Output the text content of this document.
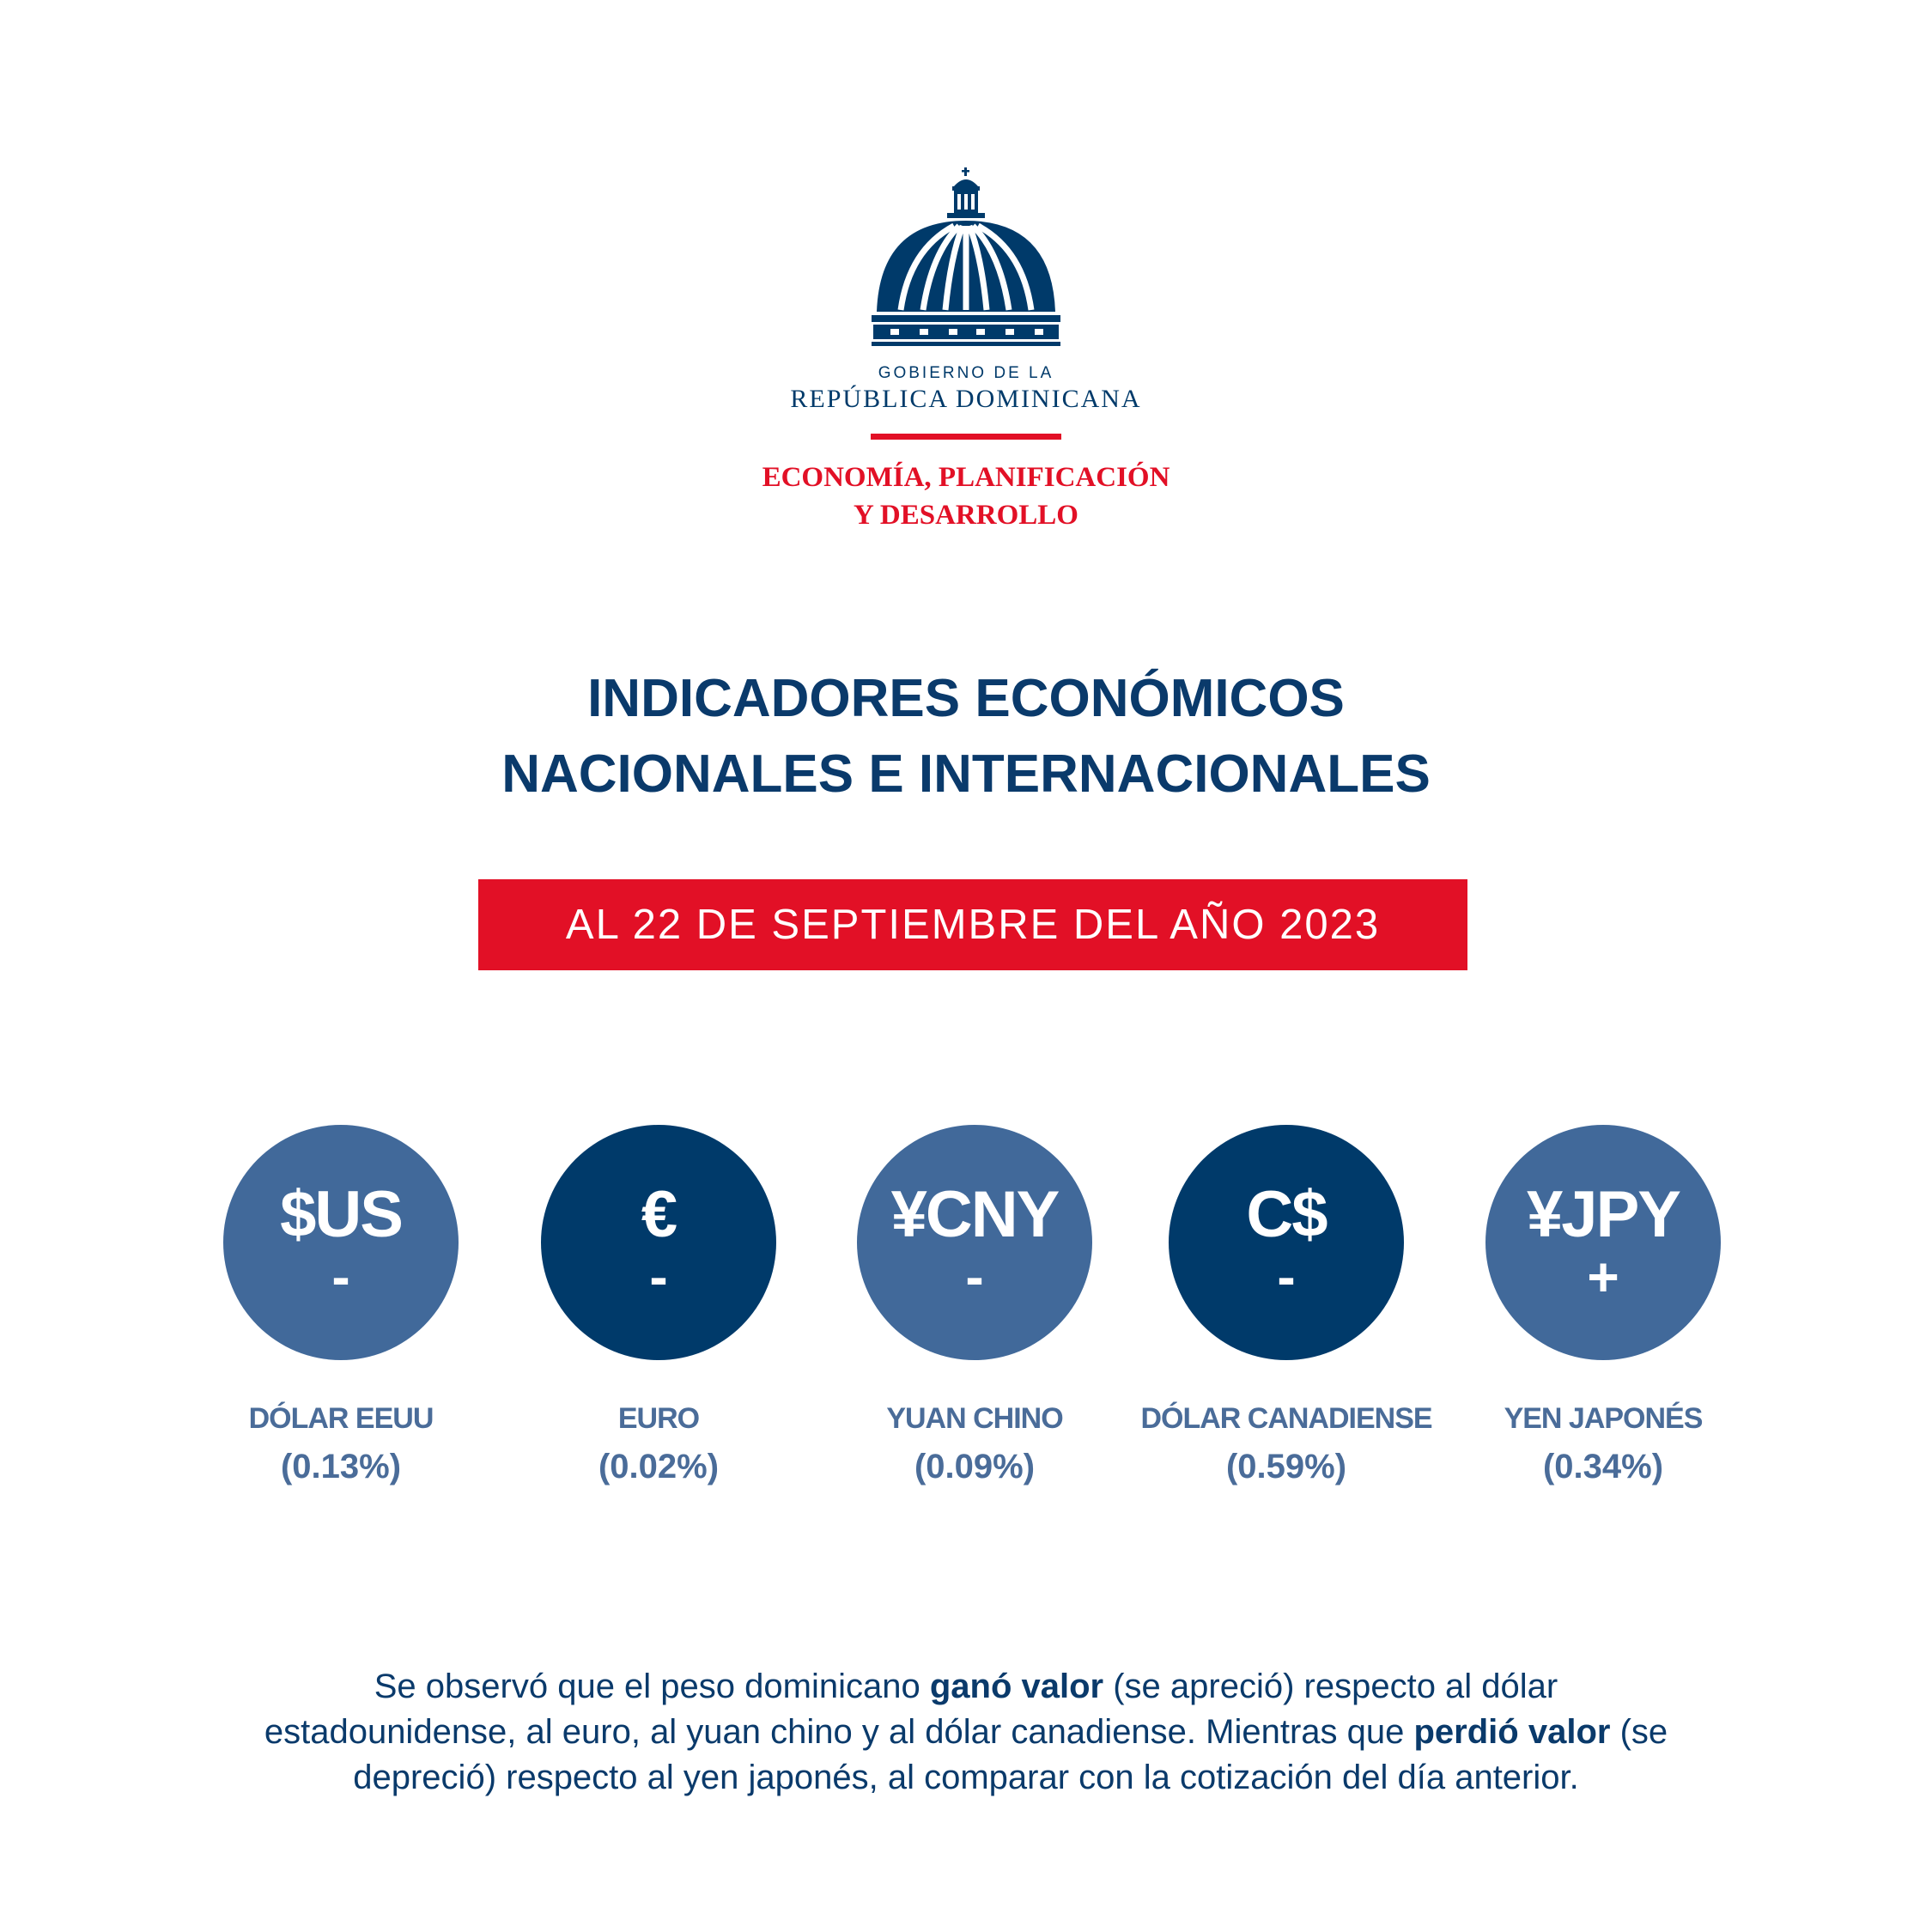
GOBIERNO DE LA
REPÚBLICA DOMINICANA
ECONOMÍA, PLANIFICACIÓN
Y DESARROLLO
INDICADORES ECONÓMICOS
NACIONALES E INTERNACIONALES
AL 22 DE SEPTIEMBRE DEL AÑO 2023
$US
-
DÓLAR EEUU
(0.13%)
€
-
EURO
(0.02%)
¥CNY
-
YUAN CHINO
(0.09%)
C$
-
DÓLAR CANADIENSE
(0.59%)
¥JPY
+
YEN JAPONÉS
(0.34%)
Se observó que el peso dominicano ganó valor (se apreció) respecto al dólar estadounidense, al euro, al yuan chino y al dólar canadiense. Mientras que perdió valor (se depreció) respecto al yen japonés, al comparar con la cotización del día anterior.
